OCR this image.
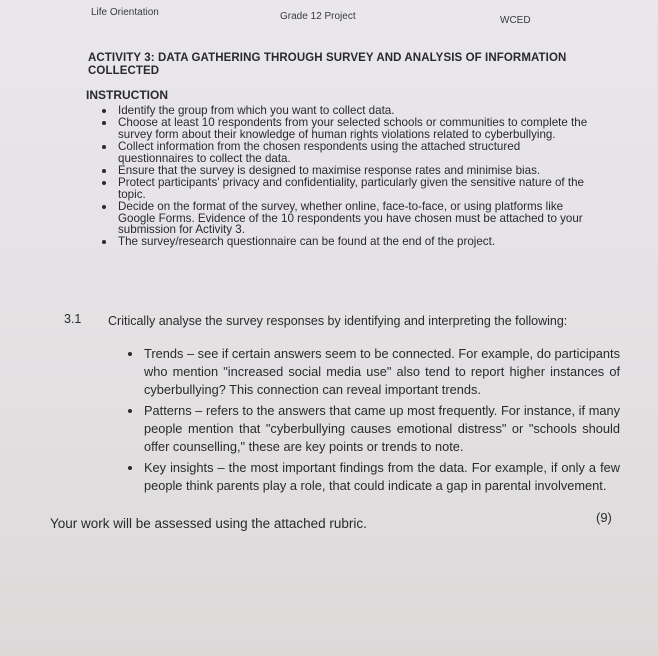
Life Orientation	Grade 12 Project	WCED
ACTIVITY 3: DATA GATHERING THROUGH SURVEY AND ANALYSIS OF INFORMATION
COLLECTED
INSTRUCTION
Identify the group from which you want to collect data.
Choose at least 10 respondents from your selected schools or communities to complete the survey form about their knowledge of human rights violations related to cyberbullying.
Collect information from the chosen respondents using the attached structured questionnaires to collect the data.
Ensure that the survey is designed to maximise response rates and minimise bias.
Protect participants' privacy and confidentiality, particularly given the sensitive nature of the topic.
Decide on the format of the survey, whether online, face-to-face, or using platforms like Google Forms. Evidence of the 10 respondents you have chosen must be attached to your submission for Activity 3.
The survey/research questionnaire can be found at the end of the project.
3.1 Critically analyse the survey responses by identifying and interpreting the following:
Trends – see if certain answers seem to be connected. For example, do participants who mention "increased social media use" also tend to report higher instances of cyberbullying? This connection can reveal important trends.
Patterns – refers to the answers that came up most frequently. For instance, if many people mention that "cyberbullying causes emotional distress" or "schools should offer counselling," these are key points or trends to note.
Key insights – the most important findings from the data. For example, if only a few people think parents play a role, that could indicate a gap in parental involvement.
Your work will be assessed using the attached rubric.	(9)
